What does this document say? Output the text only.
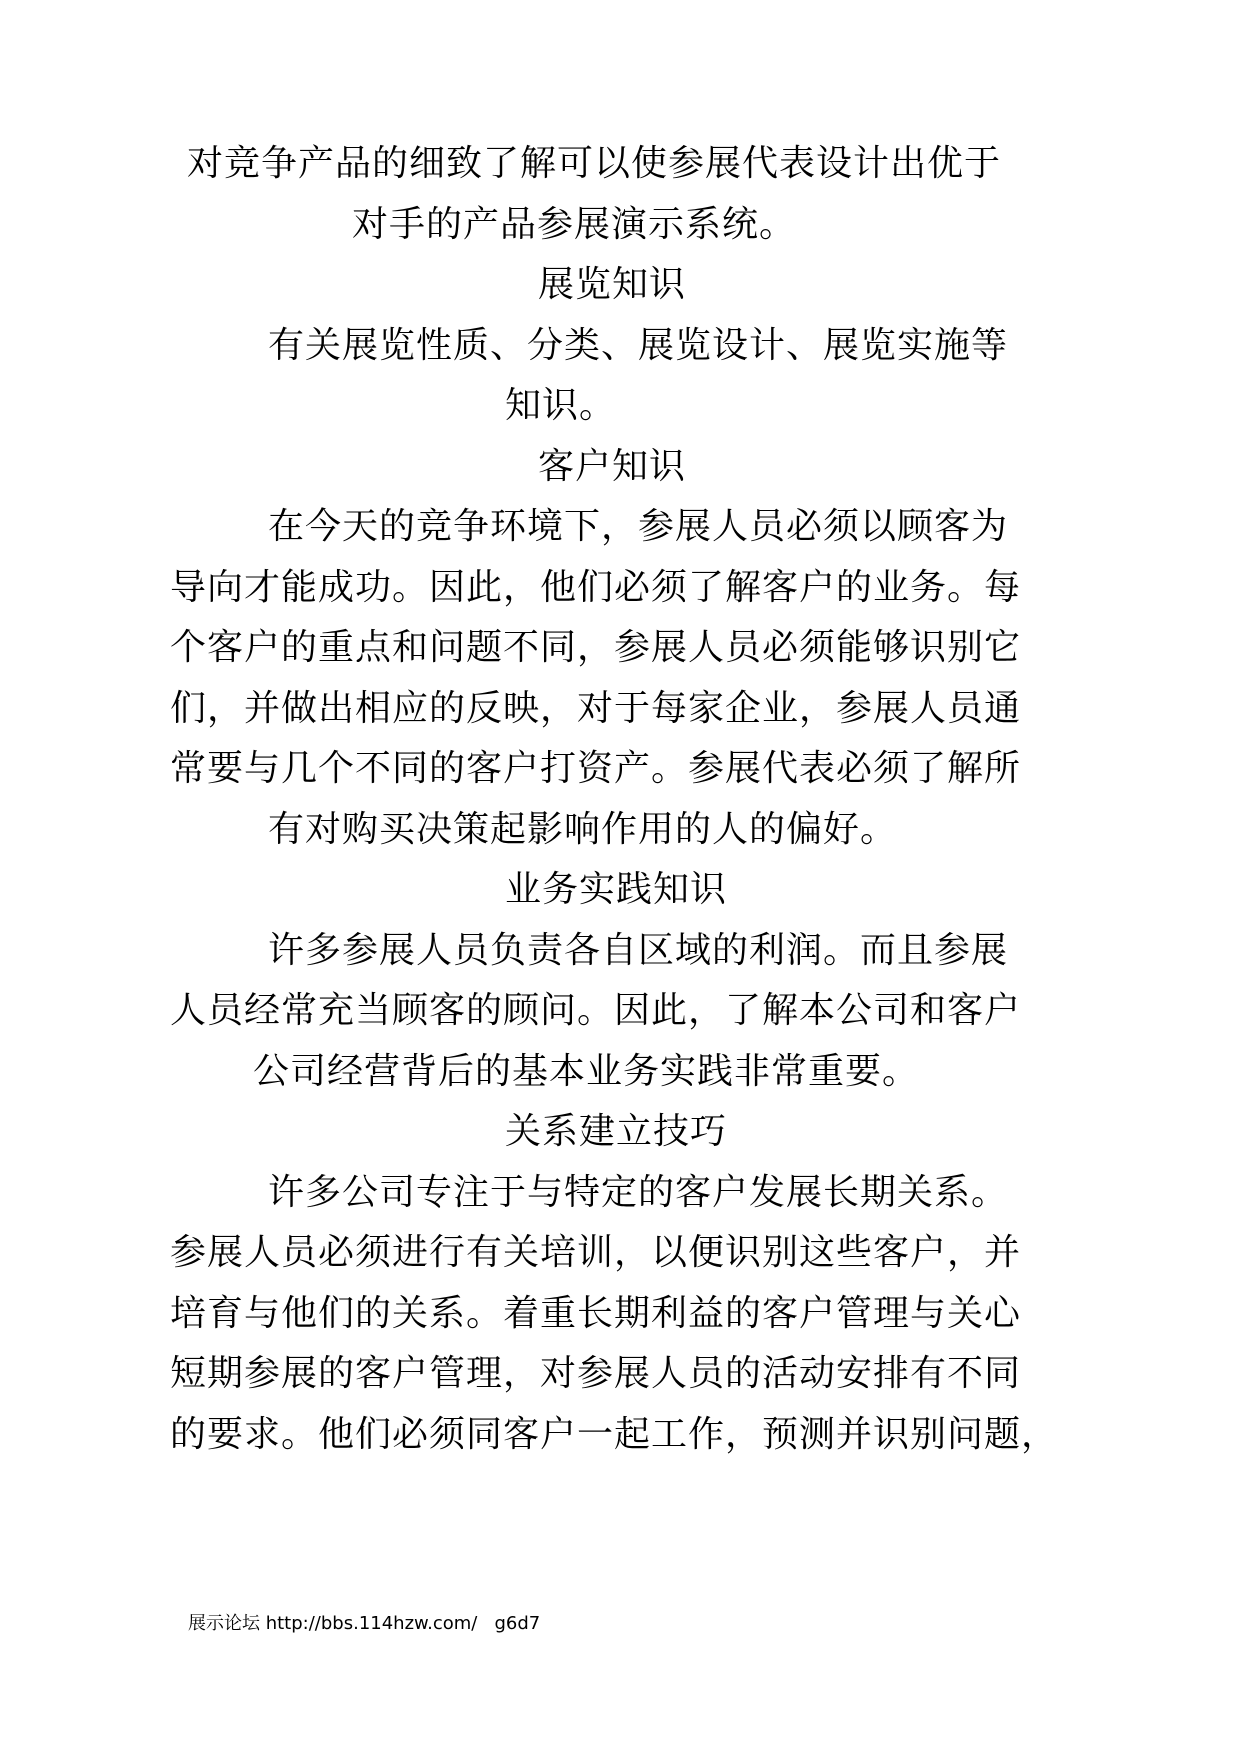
对竞争产品的细致了解可以使参展代表设计出优于
对手的产品参展演示系统。
展览知识
有关展览性质、分类、展览设计、展览实施等
知识。
客户知识
在今天的竞争环境下，参展人员必须以顾客为
导向才能成功。因此，他们必须了解客户的业务。每
个客户的重点和问题不同，参展人员必须能够识别它
们，并做出相应的反映，对于每家企业，参展人员通
常要与几个不同的客户打资产。参展代表必须了解所
有对购买决策起影响作用的人的偏好。
业务实践知识
许多参展人员负责各自区域的利润。而且参展
人员经常充当顾客的顾问。因此，了解本公司和客户
公司经营背后的基本业务实践非常重要。
关系建立技巧
许多公司专注于与特定的客户发展长期关系。
参展人员必须进行有关培训，以便识别这些客户，并
培育与他们的关系。着重长期利益的客户管理与关心
短期参展的客户管理，对参展人员的活动安排有不同
的要求。他们必须同客户一起工作，预测并识别问题，
展示论坛 http://bbs.114hzw.com/   g6d7
